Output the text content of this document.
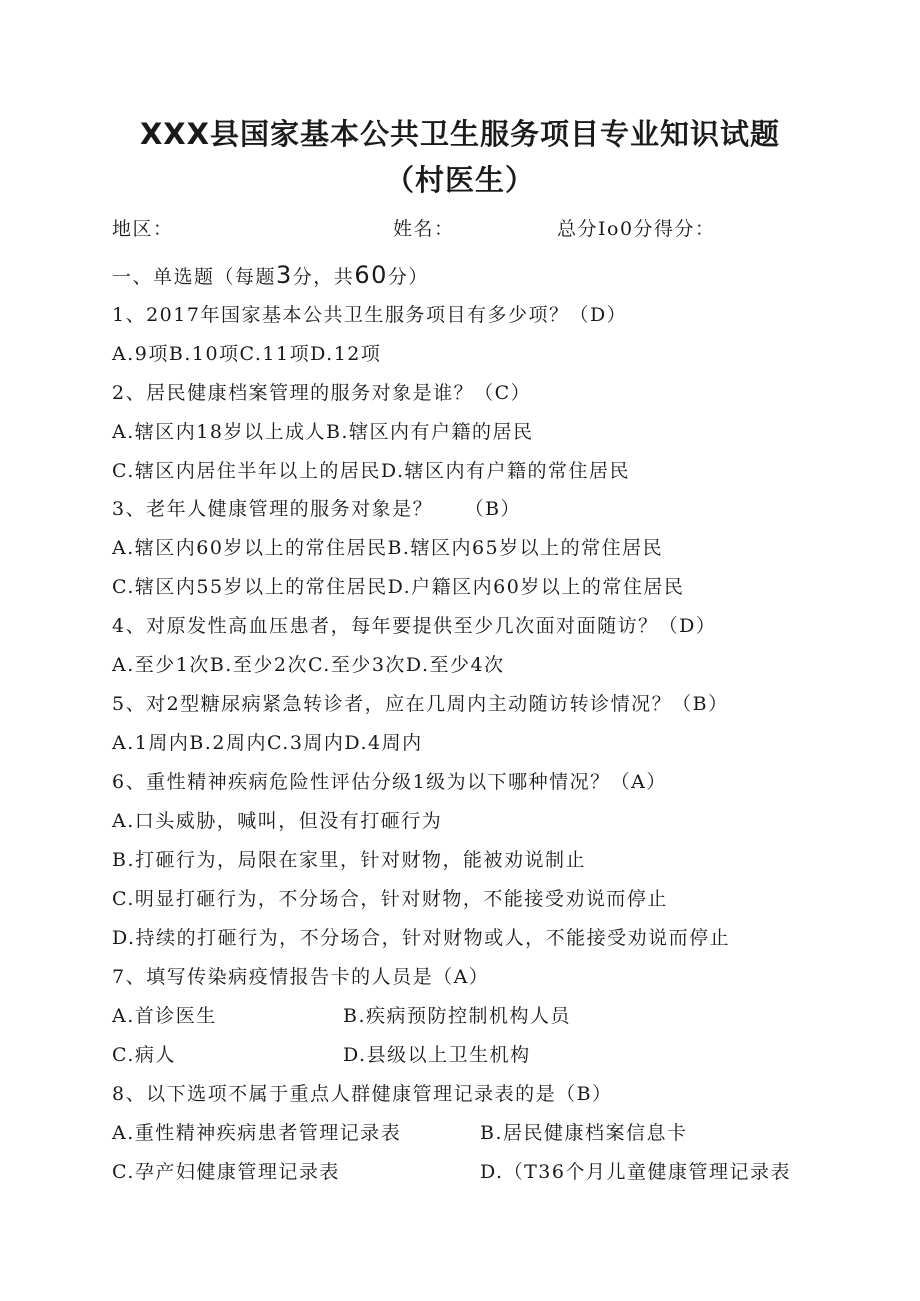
XXX县国家基本公共卫生服务项目专业知识试题
（村医生）
地区：	姓名：	总分Io0分得分：
一、单选题（每题3分，共60分）
1、2017年国家基本公共卫生服务项目有多少项？（D）
A.9项B.10项C.11项D.12项
2、居民健康档案管理的服务对象是谁？（C）
A.辖区内18岁以上成人B.辖区内有户籍的居民
C.辖区内居住半年以上的居民D.辖区内有户籍的常住居民
3、老年人健康管理的服务对象是？　　（B）
A.辖区内60岁以上的常住居民B.辖区内65岁以上的常住居民
C.辖区内55岁以上的常住居民D.户籍区内60岁以上的常住居民
4、对原发性高血压患者，每年要提供至少几次面对面随访？（D）
A.至少1次B.至少2次C.至少3次D.至少4次
5、对2型糖尿病紧急转诊者，应在几周内主动随访转诊情况？（B）
A.1周内B.2周内C.3周内D.4周内
6、重性精神疾病危险性评估分级1级为以下哪种情况？（A）
A.口头威胁，喊叫，但没有打砸行为
B.打砸行为，局限在家里，针对财物，能被劝说制止
C.明显打砸行为，不分场合，针对财物，不能接受劝说而停止
D.持续的打砸行为，不分场合，针对财物或人，不能接受劝说而停止
7、填写传染病疫情报告卡的人员是（A）
A.首诊医生	B.疾病预防控制机构人员
C.病人	D.县级以上卫生机构
8、以下选项不属于重点人群健康管理记录表的是（B）
A.重性精神疾病患者管理记录表	B.居民健康档案信息卡
C.孕产妇健康管理记录表	D.（T36个月儿童健康管理记录表
